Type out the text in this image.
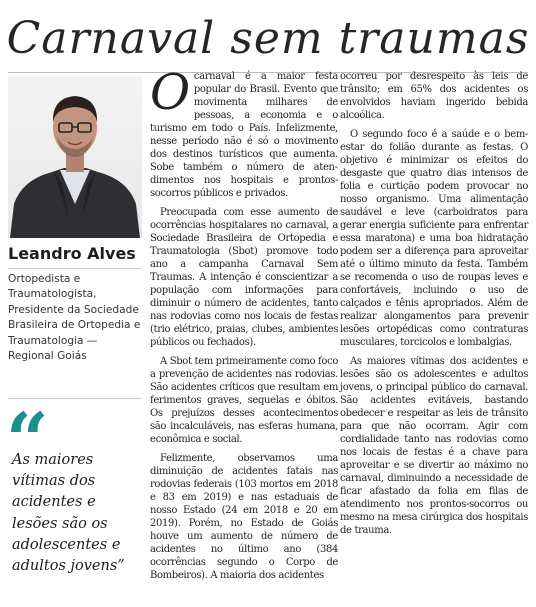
Carnaval sem traumas
Leandro Alves

Ortopedista e Traumatologista, Presidente da Sociedade Brasileira de Ortopedia e Traumatologia — Regional Goiás

As maiores vítimas dos acidentes e lesões são os adolescentes e adultos jovens”

Ocarnaval é a maior festa popular do Brasil. Evento que movimenta milhares de pessoas, a economia e o turismo em todo o País. Infelizmente, nesse período não é só o movimento dos destinos turísticos que aumenta. Sobe também o número de atendimentos nos hospitais e prontos-socorros públicos e privados.

Preocupada com esse aumento de ocorrências hospitalares no carnaval, a Sociedade Brasileira de Ortopedia e Traumatologia (Sbot) promove todo ano a campanha Carnaval Sem Traumas. A intenção é conscientizar a população com informações para diminuir o número de acidentes, tanto nas rodovias como nos locais de festas (trio elétrico, praias, clubes, ambientes públicos ou fechados).

A Sbot tem primeiramente como foco a prevenção de acidentes nas rodovias. São acidentes críticos que resultam em ferimentos graves, sequelas e óbitos. Os prejuízos desses acontecimentos são incalculáveis, nas esferas humana, econômica e social.

Felizmente, observamos uma diminuição de acidentes fatais nas rodovias federais (103 mortos em 2018 e 83 em 2019) e nas estaduais de nosso Estado (24 em 2018 e 20 em 2019). Porém, no Estado de Goiás houve um aumento de número de acidentes no último ano (384 ocorrências segundo o Corpo de Bombeiros). A maioria dos acidentes

ocorreu por desrespeito às leis de trânsito; em 65% dos acidentes os envolvidos haviam ingerido bebida alcoólica.

O segundo foco é a saúde e o bem-estar do folião durante as festas. O objetivo é minimizar os efeitos do desgaste que quatro dias intensos de folia e curtição podem provocar no nosso organismo. Uma alimentação saudável e leve (carboidratos para gerar energia suficiente para enfrentar essa maratona) e uma boa hidratação podem ser a diferença para aproveitar até o último minuto da festa. Também se recomenda o uso de roupas leves e confortáveis, incluindo o uso de calçados e tênis apropriados. Além de realizar alongamentos para prevenir lesões ortopédicas como contraturas musculares, torcicolos e lombalgias.

As maiores vítimas dos acidentes e lesões são os adolescentes e adultos jovens, o principal público do carnaval. São acidentes evitáveis, bastando obedecer e respeitar as leis de trânsito para que não ocorram. Agir com cordialidade tanto nas rodovias como nos locais de festas é a chave para aproveitar e se divertir ao máximo no carnaval, diminuindo a necessidade de ficar afastado da folia em filas de atendimento nos prontos-socorros ou mesmo na mesa cirúrgica dos hospitais de trauma.
